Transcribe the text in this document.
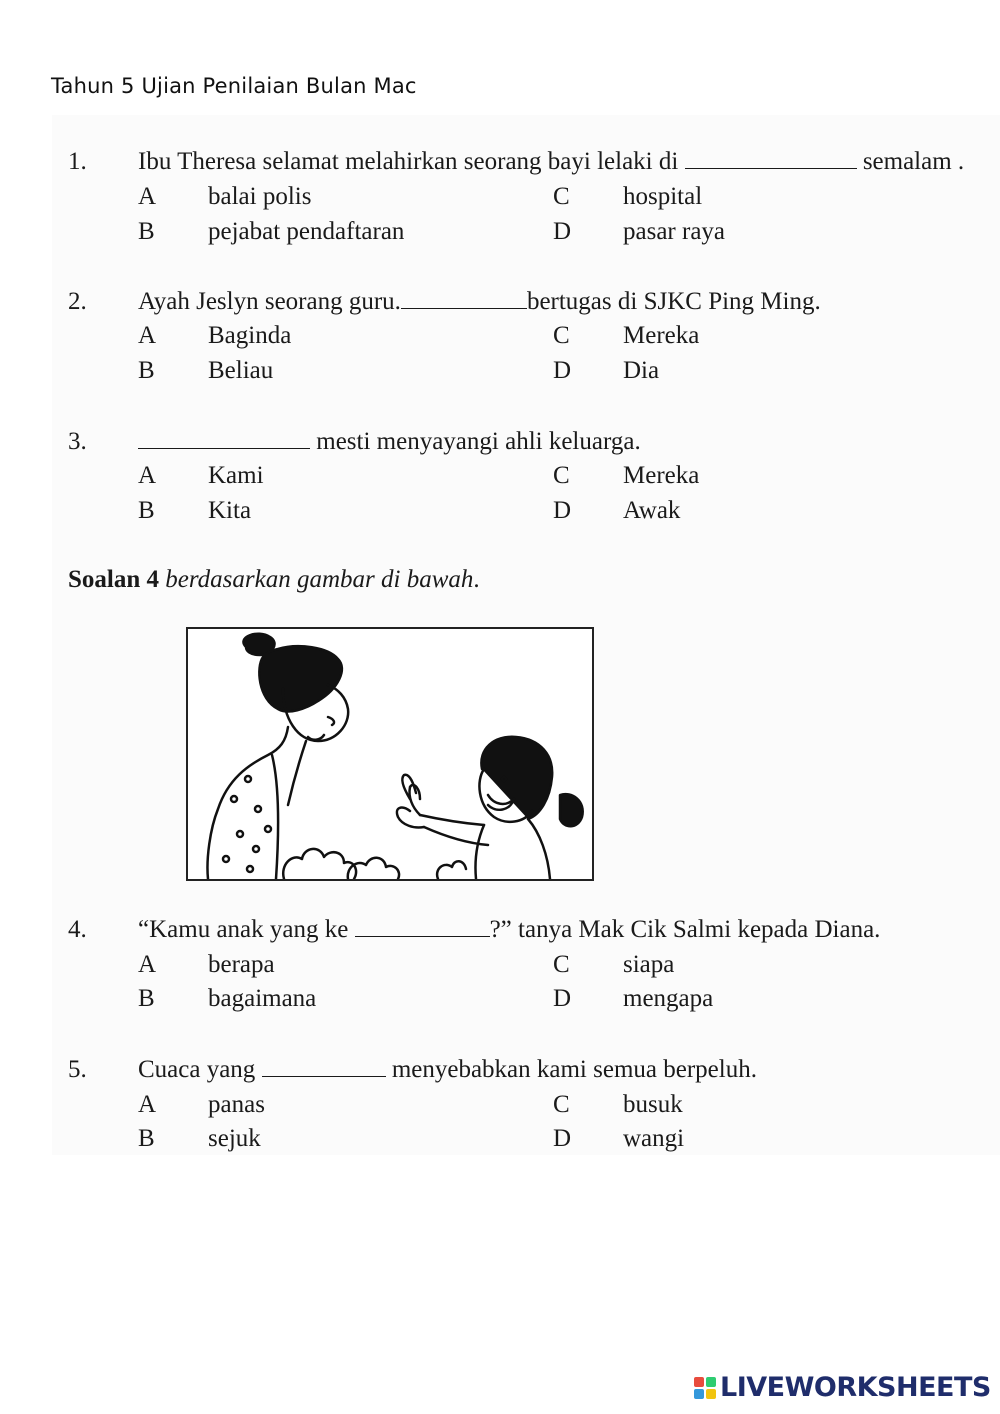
Tahun 5 Ujian Penilaian Bulan Mac
1. Ibu Theresa selamat melahirkan seorang bayi lelaki di	semalam .
A balai polis
B pejabat pendaftaran
C hospital
D pasar raya
2. Ayah Jeslyn seorang guru.	bertugas di SJKC Ping Ming.
A Baginda
B Beliau
C Mereka
D Dia
3.	mesti menyayangi ahli keluarga.
A Kami
B Kita
C Mereka
D Awak
Soalan 4 berdasarkan gambar di bawah.
4. “Kamu anak yang ke	?” tanya Mak Cik Salmi kepada Diana.
A berapa
B bagaimana
C siapa
D mengapa
5. Cuaca yang	menyebabkan kami semua berpeluh.
A panas
B sejuk
C busuk
D wangi
LIVEWORKSHEETS
